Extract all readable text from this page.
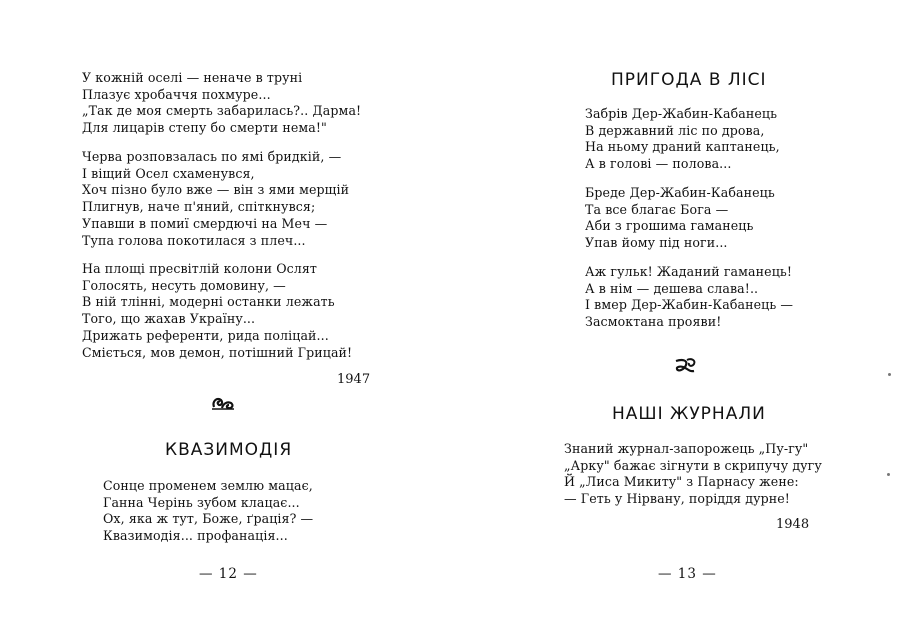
У кожній оселі — неначе в труні
Плазує хробаччя похмуре...
„Так де моя смерть забарилась?.. Дарма!
Для лицарів степу бо смерти нема!"
Черва розповзалась по ямі бридкій, —
І віщий Осел схаменувся,
Хоч пізно було вже — він з ями мерщій
Плигнув, наче п'яний, спіткнувся;
Упавши в помиї смердючі на Меч —
Тупа голова покотилася з плеч...
На площі пресвітлій колони Ослят
Голосять, несуть домовину, —
В ній тлінні, модерні останки лежать
Того, що жахав Україну...
Дрижать референти, рида поліцай...
Сміється, мов демон, потішний Грицай!
1947
КВАЗИМОДІЯ
Сонце променем землю мацає,
Ганна Черінь зубом клацає...
Ох, яка ж тут, Боже, ґрація? —
Квазимодія... профанація...
— 12 —
ПРИГОДА В ЛІСІ
Забрів Дер-Жабин-Кабанець
В державний ліс по дрова,
На ньому драний каптанець,
А в голові — полова...
Бреде Дер-Жабин-Кабанець
Та все благає Бога —
Аби з грошима гаманець
Упав йому під ноги...
Аж гульк! Жаданий гаманець!
А в нім — дешева слава!..
І вмер Дер-Жабин-Кабанець —
Засмоктана прояви!
НАШІ ЖУРНАЛИ
Знаний журнал-запорожець „Пу-гу"
„Арку" бажає зігнути в скрипучу дугу
Й „Лиса Микиту" з Парнасу жене:
— Геть у Нірвану, поріддя дурне!
1948
— 13 —
